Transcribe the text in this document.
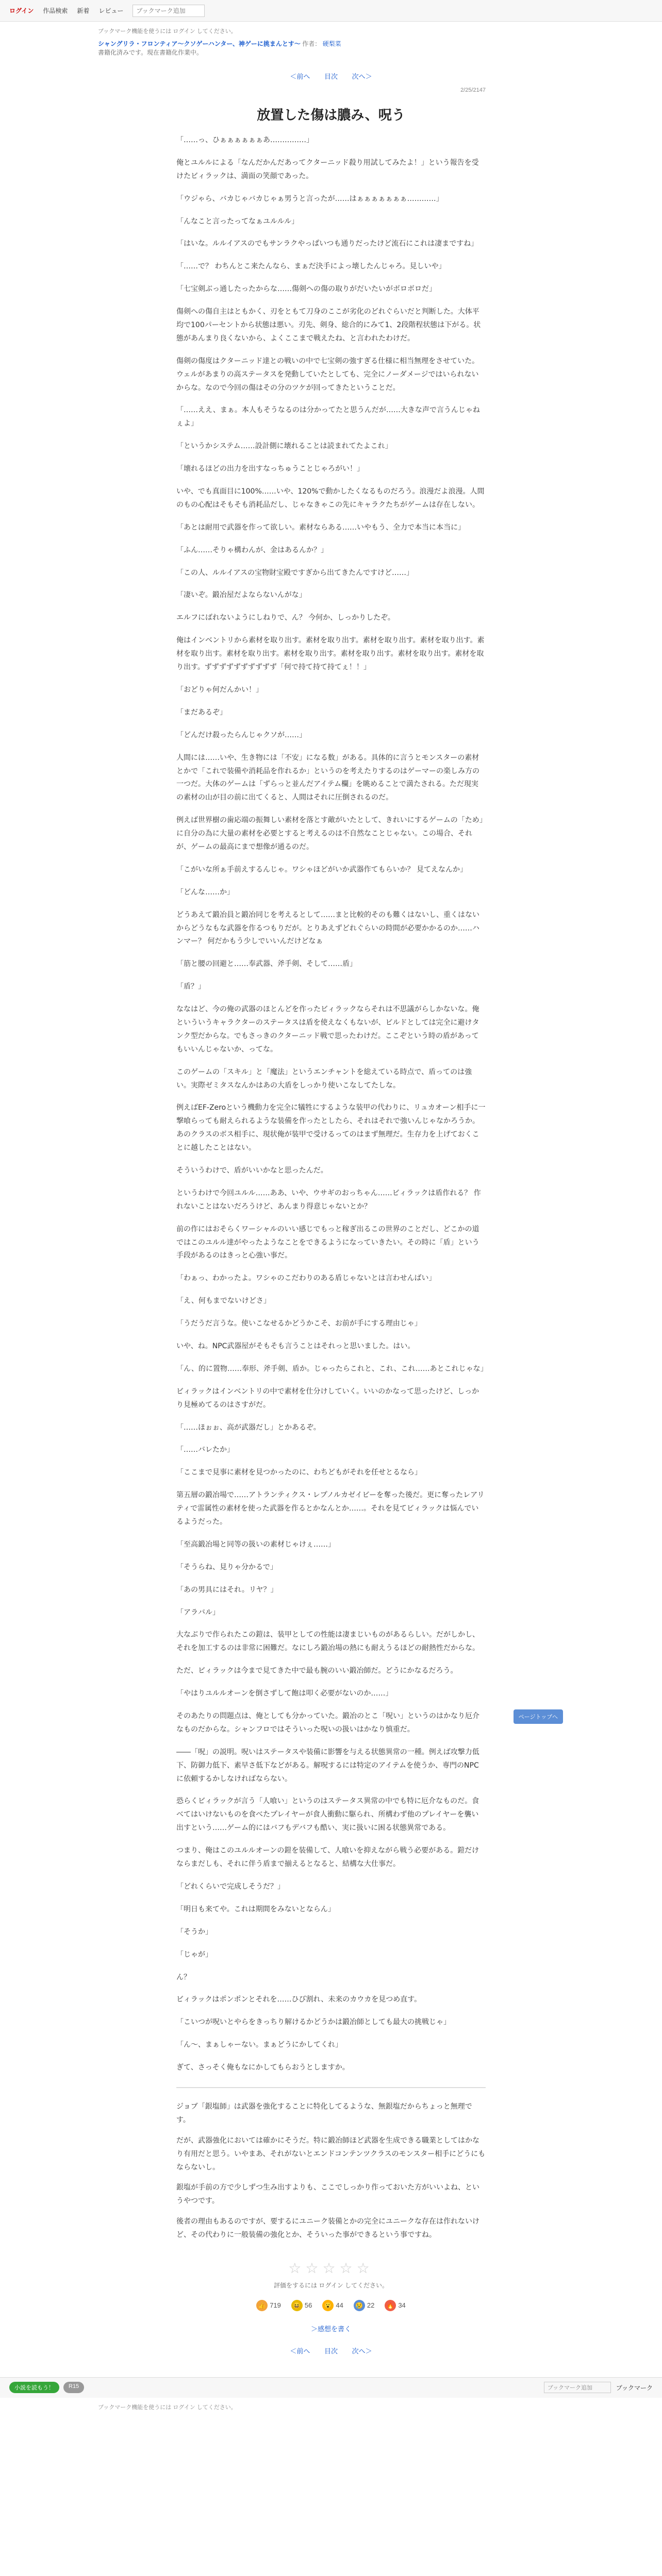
ログイン 作品検索 新着 レビュー
ブックマーク追加
ブックマーク機能を使うには ログイン してください。
シャングリラ・フロンティア〜クソゲーハンター、神ゲーに挑まんとす〜 作者： 硬梨菜
書籍化済みです。現在書籍化作業中。
＜前へ 目次 次へ＞
2/25/2147
放置した傷は膿み、呪う

「……っ、ひぁぁぁぁぁぁあ……………」

俺とユルルによる「なんだかんだあってクターニッド殺り用試してみたよ！」という報告を受けたビィラックは、満面の笑顔であった。

「ウジゃら、バカじゃバカじゃぁ男うと言ったが……はぁぁぁぁぁぁぁ…………」

「んなこと言ったってなぁユルルル」

「はいな。ルルイアスのでもサンラクやっぱいつも通りだったけど流石にこれは凄まですね」

「……で？ わちんとこ来たんなら、まぁだ決手によっ壊したんじゃろ。見しいや」

「七宝剣ぶっ通したったからな……傷剣への傷の取りがだいたいがボロボロだ」

傷剣への傷自主はともかく、刃をともて刀身のここが劣化のどれぐらいだと判断した。大体平均で100パーセントから状態は悪い。刃先、剣身、総合的にみて1、2段階程状態は下がる。状態があんまり良くないから、よくここまで戦えたね、と言われたわけだ。

傷剣の傷度はクターニッド達との戦いの中で七宝剣の強すぎる仕様に相当無理をさせていた。ウェルがあまりの高ステータスを発動していたとしても、完全にノーダメージではいられないからな。なので今回の傷はその分のツケが回ってきたということだ。

「……ええ、まぁ。本人もそうなるのは分かってたと思うんだが……大きな声で言うんじゃねぇよ」

「というかシステム……設計側に壊れることは読まれてたよこれ」

「壊れるほどの出力を出すなっちゅうことじゃろがい！」

いや、でも真面目に100%……いや、120%で動かしたくなるものだろう。浪漫だよ浪漫。人間のもの心配はそもそも消耗品だし、じゃなきゃこの先にキャラクたちがゲームは存在しない。

「あとは耐用で武器を作って欲しい。素材ならある……いやもう、全力で本当に本当に」

「ふん……そりゃ構わんが、金はあるんか？」

「この人、ルルイアスの宝物財宝殿ですぎから出てきたんですけど……」

「凄いぞ。鍛冶屋だよならないんがな」

エルフにばれないようにしねりで、ん？ 今何か、しっかりしたぞ。

俺はインベントリから素材を取り出す。素材を取り出す。素材を取り出す。素材を取り出す。素材を取り出す。素材を取り出す。素材を取り出す。素材を取り出す。素材を取り出す。素材を取り出す。ずずずずずずずずずず「何で持て持て持てぇ！！」

「おどりゃ何だんかい！」

「まだあるぞ」

「どんだけ殺ったらんじゃクソが……」

人間には……いや、生き物には「不安」になる数」がある。具体的に言うとモンスターの素材とかで「これで装備や消耗品を作れるか」というのを考えたりするのはゲーマーの楽しみ方の一つだ。大体のゲームは「ずらっと並んだアイテム欄」を眺めることで満たされる。ただ現実の素材の山が目の前に出てくると、人間はそれに圧倒されるのだ。

例えば世界樹の歯応端の振舞しい素材を落とす敵がいたとして、きれいにするゲームの「ため」に自分の為に大量の素材を必要とすると考えるのは不自然なことじゃない。この場合、それが、ゲームの最高にまで想像が通るのだ。

「こがいな所ぁ手前えするんじゃ。ワシゃほどがいか武器作てもらいか？ 見てえなんか」

「どんな……か」

どうあえて鍛冶員と鍛冶同じを考えるとして……まと比較的そのも難くはないし、重くはないからどうなもな武器を作るつもりだが。とりあえずどれぐらいの時間が必要かかるのか……ハンマー？ 何だかもう少しでいいんだけどなぁ

「筋と腰の回避と……奉武器、斧手剣、そして……盾」

「盾？」

ななはど、今の俺の武器のほとんどを作ったビィラックならそれは不思議がらしかないな。俺といういうキャラクターのステータスは盾を使えなくもないが、ビルドとしては完全に避けタンク型だからな。でもさっきのクターニッド戦で思ったわけだ。ここぞという時の盾があってもいいんじゃないか、ってな。

このゲームの「スキル」と「魔法」というエンチャントを総えている時点で、盾ってのは強い。実際ゼミタスなんかはあの大盾をしっかり使いこなしてたしな。

例えばEF-Zeroという機動力を完全に犠牲にするような装甲の代わりに、リュカオーン相手に一撃喰らっても耐えられるような装備を作ったとしたら、それはそれで強いんじゃなかろうか。あのクラスのボス相手に、現状俺が装甲で受けるってのはまず無理だ。生存力を上げておくことに越したことはない。

そういうわけで、盾がいいかなと思ったんだ。

というわけで今回ユルル……ああ、いや、ウサギのおっちゃん……ビィラックは盾作れる？ 作れないことはないだろうけど、あんまり得意じゃないとか？

前の作にはおそらくワーシャルのいい感じでもっと稼ぎ出るこの世界のことだし、どこかの道ではこのユルル達がやったようなことをできるようになっていきたい。その時に「盾」という手段があるのはきっと心強い事だ。

「わぁっ、わかったよ。ワシゃのこだわりのある盾じゃないとは言わせんばい」

「え、何もまでないけどさ」

「うだうだ言うな。使いこなせるかどうかこそ、お前が手にする理由じゃ」

いや、ね。NPC武器屋がそもそも言うことはそれっと思いました。はい。

「ん、的に置物……奉形、斧手剣、盾か。じゃったらこれと、これ、これ……あとこれじゃな」

ビィラックはインベントリの中で素材を仕分けしていく。いいのかなって思ったけど、しっかり見極めてるのはさすがだ。

「……ほぉぉ、高が武器だし」とかあるぞ。

「……バレたか」

「ここまで見事に素材を見つかったのに、わちどもがそれを任せとるなら」

第五層の鍛冶場で……アトランティクス・レプノルカゼイビーを奪った後だ。更に奪ったレアリティで雷属性の素材を使った武器を作るとかなんとか……。それを見てビィラックは悩んでいるようだった。

「至高鍛冶場と同等の扱いの素材じゃけぇ……」

「そうらね、見りゃ分かるで」

「あの男具にはそれ。リヤ？」

「アラバル」

大なぶりで作られたこの鎧は、装甲としての性能は凄まじいものがあるらしい。だがしかし、それを加工するのは非常に困難だ。なにしろ鍛冶場の熱にも耐えうるほどの耐熱性だからな。

ただ、ビィラックは今まで見てきた中で最も腕のいい鍛冶師だ。どうにかなるだろう。

「やはりユルルオーンを倒さずして飽は叩く必要がないのか……」

そのあたりの問題点は、俺としても分かっていた。鍛冶のとこ「呪い」というのはかなり厄介なものだからな。シャンフロではそういった呪いの扱いはかなり慎重だ。

――「呪」の説明。呪いはステータスや装備に影響を与える状態異常の一種。例えば攻撃力低下、防御力低下、素早さ低下などがある。解呪するには特定のアイテムを使うか、専門のNPCに依頼するかしなければならない。

恐らくビィラックが言う「人喰い」というのはステータス異常の中でも特に厄介なものだ。食べてはいけないものを食べたプレイヤーが食人衝動に駆られ、所構わず他のプレイヤーを襲い出すという……ゲーム的にはバフもデバフも酷い、実に扱いに困る状態異常である。

つまり、俺はこのユルルオーンの鎧を装備して、人喰いを抑えながら戦う必要がある。鎧だけならまだしも、それに伴う盾まで揃えるとなると、結構な大仕事だ。

「どれくらいで完成しそうだ？」

「明日も来てや。これは期間をみないとならん」

「そうか」

「じゃが」

ん？

ビィラックはポンポンとそれを……ひび割れ、未来のカウカを見つめ直す。

「こいつが呪いとやらをきっちり解けるかどうかは鍛冶師としても最大の挑戦じゃ」

「ん〜、まぁしゃーない。まぁどうにかしてくれ」

ぎて、さっそく俺もなにかしてもらおうとしますか。

ジョブ「銀塩師」は武器を強化することに特化してるような、無銀塩だからちょっと無理です。

だが、武器強化においては確かにそうだ。特に鍛冶師ほど武器を生成できる職業としてはかなり有用だと思う。いやまあ、それがないとエンドコンテンツクラスのモンスター相手にどうにもならないし。

銀塩が手前の方で少しずつ生み出すよりも、ここでしっかり作っておいた方がいいよね、というやつです。

後者の理由もあるのですが、要するにユニーク装備とかの完全にユニークな存在は作れないけど、その代わりに一般装備の強化とか、そういった事ができるという事ですね。

☆☆☆☆☆
評価をするには ログイン してください。
👍 719 😆 56 😮 44 😢 22 🔥 34
＞感想を書く
＜前へ 目次 次へ＞
ページトップへ
小説を読もう！	R15	ブックマーク追加	ブックマーク
ブックマーク機能を使うには ログイン してください。
